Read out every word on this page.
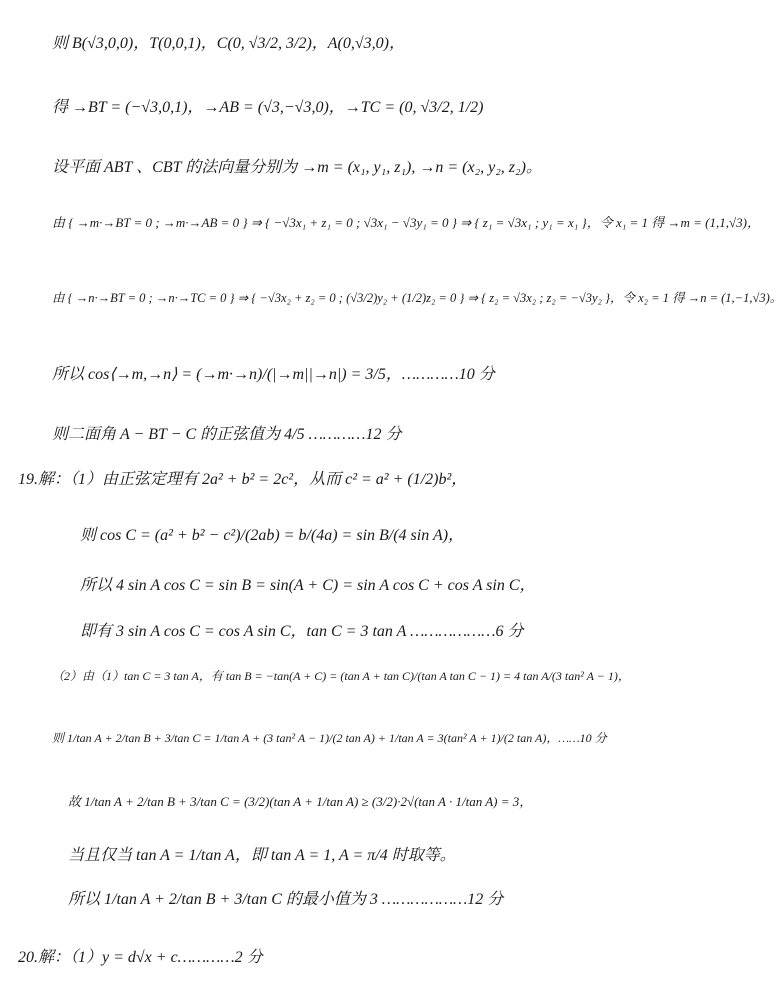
则 B(√3,0,0)，T(0,0,1)，C(0, √3/2, 3/2)，A(0,√3,0)，
得 →BT = (−√3,0,1)，→AB = (√3,−√3,0)，→TC = (0, √3/2, 1/2)
设平面 ABT 、CBT 的法向量分别为 →m = (x₁, y₁, z₁), →n = (x₂, y₂, z₂)。
由 { →m·→BT = 0 ; →m·→AB = 0 } ⇒ { −√3x₁ + z₁ = 0 ; √3x₁ − √3y₁ = 0 } ⇒ { z₁ = √3x₁ ; y₁ = x₁ }，令 x₁ = 1 得 →m = (1,1,√3)，
由 { →n·→BT = 0 ; →n·→TC = 0 } ⇒ { −√3x₂ + z₂ = 0 ; (√3/2)y₂ + (1/2)z₂ = 0 } ⇒ { z₂ = √3x₂ ; z₂ = −√3y₂ }，令 x₂ = 1 得 →n = (1,−1,√3)。
所以 cos⟨→m,→n⟩ = (→m·→n)/(|→m||→n|) = 3/5，…………10 分
则二面角 A − BT − C 的正弦值为 4/5 …………12 分
19.解：（1）由正弦定理有 2a² + b² = 2c²，从而 c² = a² + (1/2)b²，
则 cos C = (a² + b² − c²)/(2ab) = b/(4a) = sin B/(4 sin A)，
所以 4 sin A cos C = sin B = sin(A + C) = sin A cos C + cos A sin C，
即有 3 sin A cos C = cos A sin C，tan C = 3 tan A ………………6 分
（2）由（1）tan C = 3 tan A，有 tan B = −tan(A + C) = (tan A + tan C)/(tan A tan C − 1) = 4 tan A/(3 tan² A − 1)，
则 1/tan A + 2/tan B + 3/tan C = 1/tan A + (3 tan² A − 1)/(2 tan A) + 1/tan A = 3(tan² A + 1)/(2 tan A)，……10 分
故 1/tan A + 2/tan B + 3/tan C = (3/2)(tan A + 1/tan A) ≥ (3/2)·2√(tan A · 1/tan A) = 3，
当且仅当 tan A = 1/tan A，即 tan A = 1, A = π/4 时取等。
所以 1/tan A + 2/tan B + 3/tan C 的最小值为 3 ………………12 分
20.解：（1）y = d√x + c…………2 分
